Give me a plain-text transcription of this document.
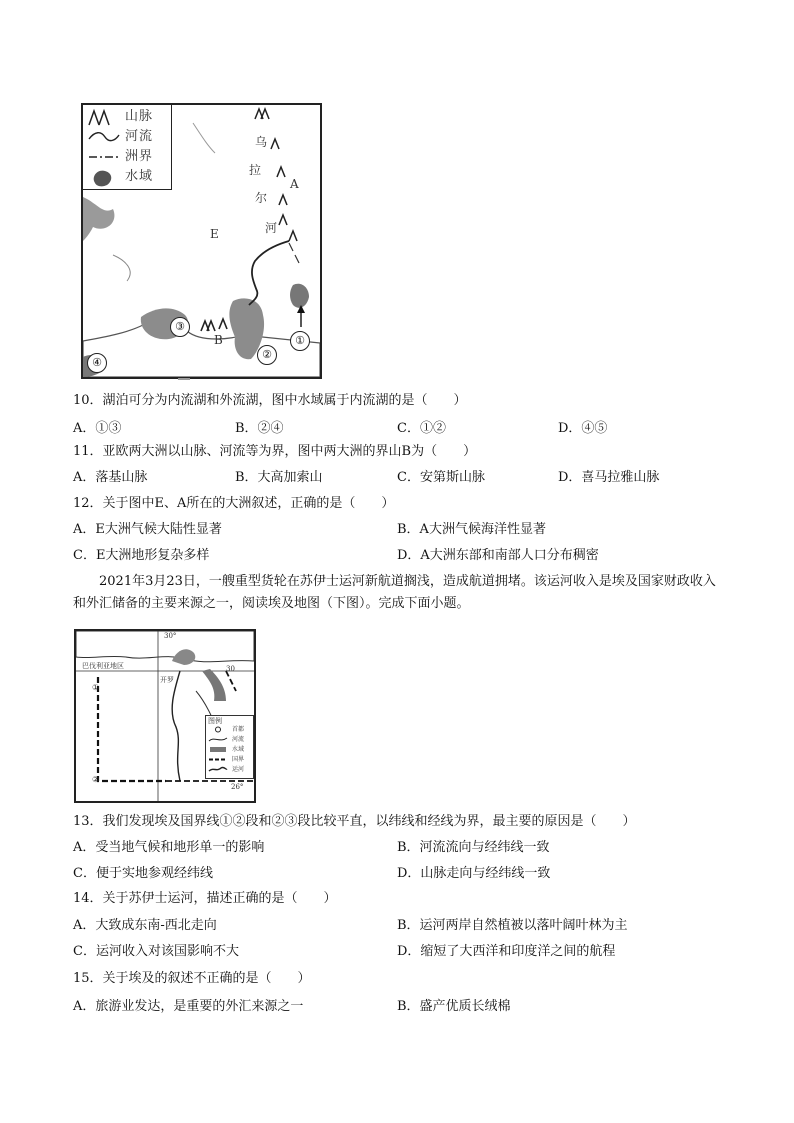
山脉
河流
洲界
水域
E
A
B
乌
拉
尔
河
①
②
③
④
10．湖泊可分为内流湖和外流湖，图中水域属于内流湖的是（　　）
A．①③	B．②④	C．①②	D．④⑤
11．亚欧两大洲以山脉、河流等为界，图中两大洲的界山B为（　　）
A．落基山脉	B．大高加索山	C．安第斯山脉	D．喜马拉雅山脉
12．关于图中E、A所在的大洲叙述，正确的是（　　）
A．E大洲气候大陆性显著	B．A大洲气候海洋性显著
C．E大洲地形复杂多样	D．A大洲东部和南部人口分布稠密
2021年3月23日，一艘重型货轮在苏伊士运河新航道搁浅，造成航道拥堵。该运河收入是埃及国家财政收入和外汇储备的主要来源之一，阅读埃及地图（下图）。完成下面小题。
30°
30
26°
巴伐利亚地区
开罗
①
②
图例
首都
河流
水域
国界
运河
13．我们发现埃及国界线①②段和②③段比较平直，以纬线和经线为界，最主要的原因是（　　）
A．受当地气候和地形单一的影响	B．河流流向与经纬线一致
C．便于实地参观经纬线	D．山脉走向与经纬线一致
14．关于苏伊士运河，描述正确的是（　　）
A．大致成东南-西北走向	B．运河两岸自然植被以落叶阔叶林为主
C．运河收入对该国影响不大	D．缩短了大西洋和印度洋之间的航程
15．关于埃及的叙述不正确的是（　　）
A．旅游业发达，是重要的外汇来源之一	B．盛产优质长绒棉
